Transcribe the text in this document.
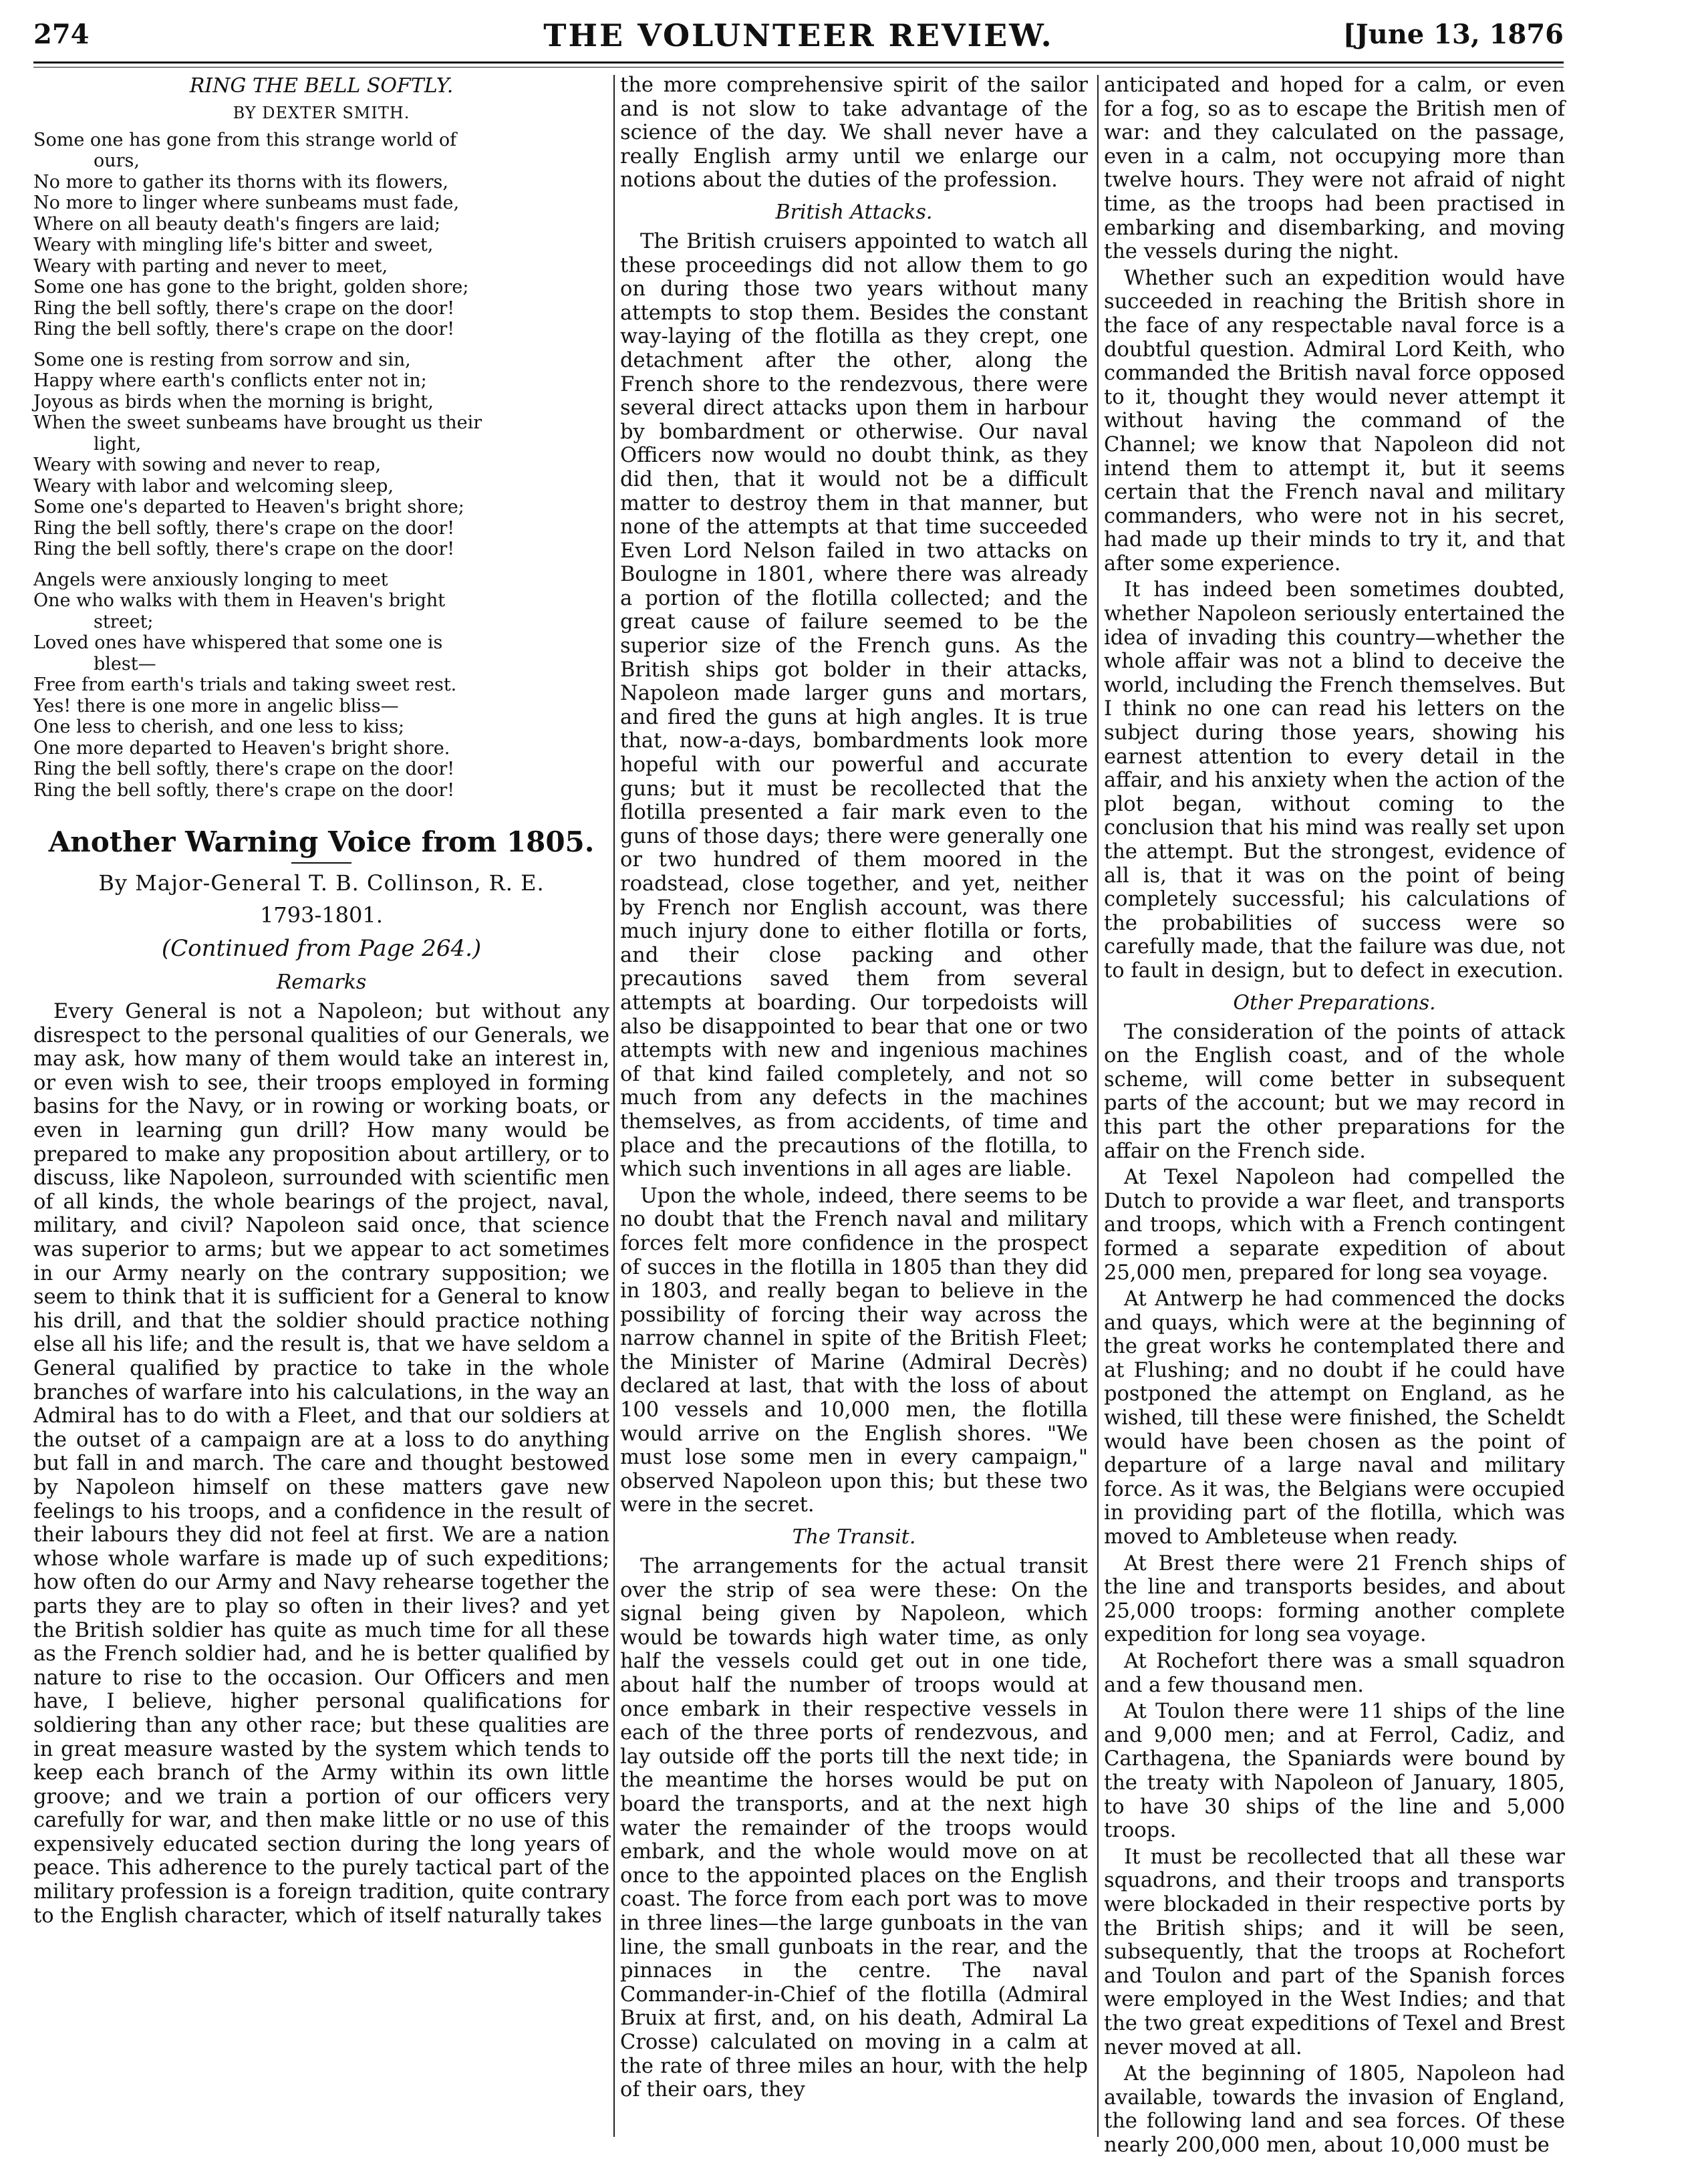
274	THE VOLUNTEER REVIEW.	[June 13, 1876

RING THE BELL SOFTLY.

BY DEXTER SMITH.

Some one has gone from this strange world of

ours,

No more to gather its thorns with its flowers,

No more to linger where sunbeams must fade,

Where on all beauty death's fingers are laid;

Weary with mingling life's bitter and sweet,

Weary with parting and never to meet,

Some one has gone to the bright, golden shore;

Ring the bell softly, there's crape on the door!

Ring the bell softly, there's crape on the door!

Some one is resting from sorrow and sin,

Happy where earth's conflicts enter not in;

Joyous as birds when the morning is bright,

When the sweet sunbeams have brought us their

light,

Weary with sowing and never to reap,

Weary with labor and welcoming sleep,

Some one's departed to Heaven's bright shore;

Ring the bell softly, there's crape on the door!

Ring the bell softly, there's crape on the door!

Angels were anxiously longing to meet

One who walks with them in Heaven's bright

street;

Loved ones have whispered that some one is

blest—

Free from earth's trials and taking sweet rest.

Yes! there is one more in angelic bliss—

One less to cherish, and one less to kiss;

One more departed to Heaven's bright shore.

Ring the bell softly, there's crape on the door!

Ring the bell softly, there's crape on the door!

Another Warning Voice from 1805.

By Major-General T. B. Collinson, R. E.

1793-1801.

(Continued from Page 264.)

Remarks

Every General is not a Napoleon; but without any disrespect to the personal qualities of our Generals, we may ask, how many of them would take an interest in, or even wish to see, their troops employed in forming basins for the Navy, or in rowing or working boats, or even in learning gun drill? How many would be prepared to make any proposition about artillery, or to discuss, like Napoleon, surrounded with scientific men of all kinds, the whole bearings of the project, naval, military, and civil? Napoleon said once, that science was superior to arms; but we appear to act sometimes in our Army nearly on the contrary supposition; we seem to think that it is sufficient for a General to know his drill, and that the soldier should practice nothing else all his life; and the result is, that we have seldom a General qualified by practice to take in the whole branches of warfare into his calculations, in the way an Admiral has to do with a Fleet, and that our soldiers at the outset of a campaign are at a loss to do anything but fall in and march. The care and thought bestowed by Napoleon himself on these matters gave new feelings to his troops, and a confidence in the result of their labours they did not feel at first. We are a nation whose whole warfare is made up of such expeditions; how often do our Army and Navy rehearse together the parts they are to play so often in their lives? and yet the British soldier has quite as much time for all these as the French soldier had, and he is better qualified by nature to rise to the occasion. Our Officers and men have, I believe, higher personal qualifications for soldiering than any other race; but these qualities are in great measure wasted by the system which tends to keep each branch of the Army within its own little groove; and we train a portion of our officers very carefully for war, and then make little or no use of this expensively educated section during the long years of peace. This adherence to the purely tactical part of the military profession is a foreign tradition, quite contrary to the English character, which of itself naturally takes

the more comprehensive spirit of the sailor and is not slow to take advantage of the science of the day. We shall never have a really English army until we enlarge our notions about the duties of the profession.

British Attacks.

The British cruisers appointed to watch all these proceedings did not allow them to go on during those two years without many attempts to stop them. Besides the constant way-laying of the flotilla as they crept, one detachment after the other, along the French shore to the rendezvous, there were several direct attacks upon them in harbour by bombardment or otherwise. Our naval Officers now would no doubt think, as they did then, that it would not be a difficult matter to destroy them in that manner, but none of the attempts at that time succeeded Even Lord Nelson failed in two attacks on Boulogne in 1801, where there was already a portion of the flotilla collected; and the great cause of failure seemed to be the superior size of the French guns. As the British ships got bolder in their attacks, Napoleon made larger guns and mortars, and fired the guns at high angles. It is true that, now-a-days, bombardments look more hopeful with our powerful and accurate guns; but it must be recollected that the flotilla presented a fair mark even to the guns of those days; there were generally one or two hundred of them moored in the roadstead, close together, and yet, neither by French nor English account, was there much injury done to either flotilla or forts, and their close packing and other precautions saved them from several attempts at boarding. Our torpedoists will also be disappointed to bear that one or two attempts with new and ingenious machines of that kind failed completely, and not so much from any defects in the machines themselves, as from accidents, of time and place and the precautions of the flotilla, to which such inventions in all ages are liable.

Upon the whole, indeed, there seems to be no doubt that the French naval and military forces felt more confidence in the prospect of succes in the flotilla in 1805 than they did in 1803, and really began to believe in the possibility of forcing their way across the narrow channel in spite of the British Fleet; the Minister of Marine (Admiral Decrès) declared at last, that with the loss of about 100 vessels and 10,000 men, the flotilla would arrive on the English shores. "We must lose some men in every campaign," observed Napoleon upon this; but these two were in the secret.

The Transit.

The arrangements for the actual transit over the strip of sea were these: On the signal being given by Napoleon, which would be towards high water time, as only half the vessels could get out in one tide, about half the number of troops would at once embark in their respective vessels in each of the three ports of rendezvous, and lay outside off the ports till the next tide; in the meantime the horses would be put on board the transports, and at the next high water the remainder of the troops would embark, and the whole would move on at once to the appointed places on the English coast. The force from each port was to move in three lines—the large gunboats in the van line, the small gunboats in the rear, and the pinnaces in the centre. The naval Commander-in-Chief of the flotilla (Admiral Bruix at first, and, on his death, Admiral La Crosse) calculated on moving in a calm at the rate of three miles an hour, with the help of their oars, they

anticipated and hoped for a calm, or even for a fog, so as to escape the British men of war: and they calculated on the passage, even in a calm, not occupying more than twelve hours. They were not afraid of night time, as the troops had been practised in embarking and disembarking, and moving the vessels during the night.

Whether such an expedition would have succeeded in reaching the British shore in the face of any respectable naval force is a doubtful question. Admiral Lord Keith, who commanded the British naval force opposed to it, thought they would never attempt it without having the command of the Channel; we know that Napoleon did not intend them to attempt it, but it seems certain that the French naval and military commanders, who were not in his secret, had made up their minds to try it, and that after some experience.

It has indeed been sometimes doubted, whether Napoleon seriously entertained the idea of invading this country—whether the whole affair was not a blind to deceive the world, including the French themselves. But I think no one can read his letters on the subject during those years, showing his earnest attention to every detail in the affair, and his anxiety when the action of the plot began, without coming to the conclusion that his mind was really set upon the attempt. But the strongest, evidence of all is, that it was on the point of being completely successful; his calculations of the probabilities of success were so carefully made, that the failure was due, not to fault in design, but to defect in execution.

Other Preparations.

The consideration of the points of attack on the English coast, and of the whole scheme, will come better in subsequent parts of the account; but we may record in this part the other preparations for the affair on the French side.

At Texel Napoleon had compelled the Dutch to provide a war fleet, and transports and troops, which with a French contingent formed a separate expedition of about 25,000 men, prepared for long sea voyage.

At Antwerp he had commenced the docks and quays, which were at the beginning of the great works he contemplated there and at Flushing; and no doubt if he could have postponed the attempt on England, as he wished, till these were finished, the Scheldt would have been chosen as the point of departure of a large naval and military force. As it was, the Belgians were occupied in providing part of the flotilla, which was moved to Ambleteuse when ready.

At Brest there were 21 French ships of the line and transports besides, and about 25,000 troops: forming another complete expedition for long sea voyage.

At Rochefort there was a small squadron and a few thousand men.

At Toulon there were 11 ships of the line and 9,000 men; and at Ferrol, Cadiz, and Carthagena, the Spaniards were bound by the treaty with Napoleon of January, 1805, to have 30 ships of the line and 5,000 troops.

It must be recollected that all these war squadrons, and their troops and transports were blockaded in their respective ports by the British ships; and it will be seen, subsequently, that the troops at Rochefort and Toulon and part of the Spanish forces were employed in the West Indies; and that the two great expeditions of Texel and Brest never moved at all.

At the beginning of 1805, Napoleon had available, towards the invasion of England, the following land and sea forces. Of these nearly 200,000 men, about 10,000 must be
